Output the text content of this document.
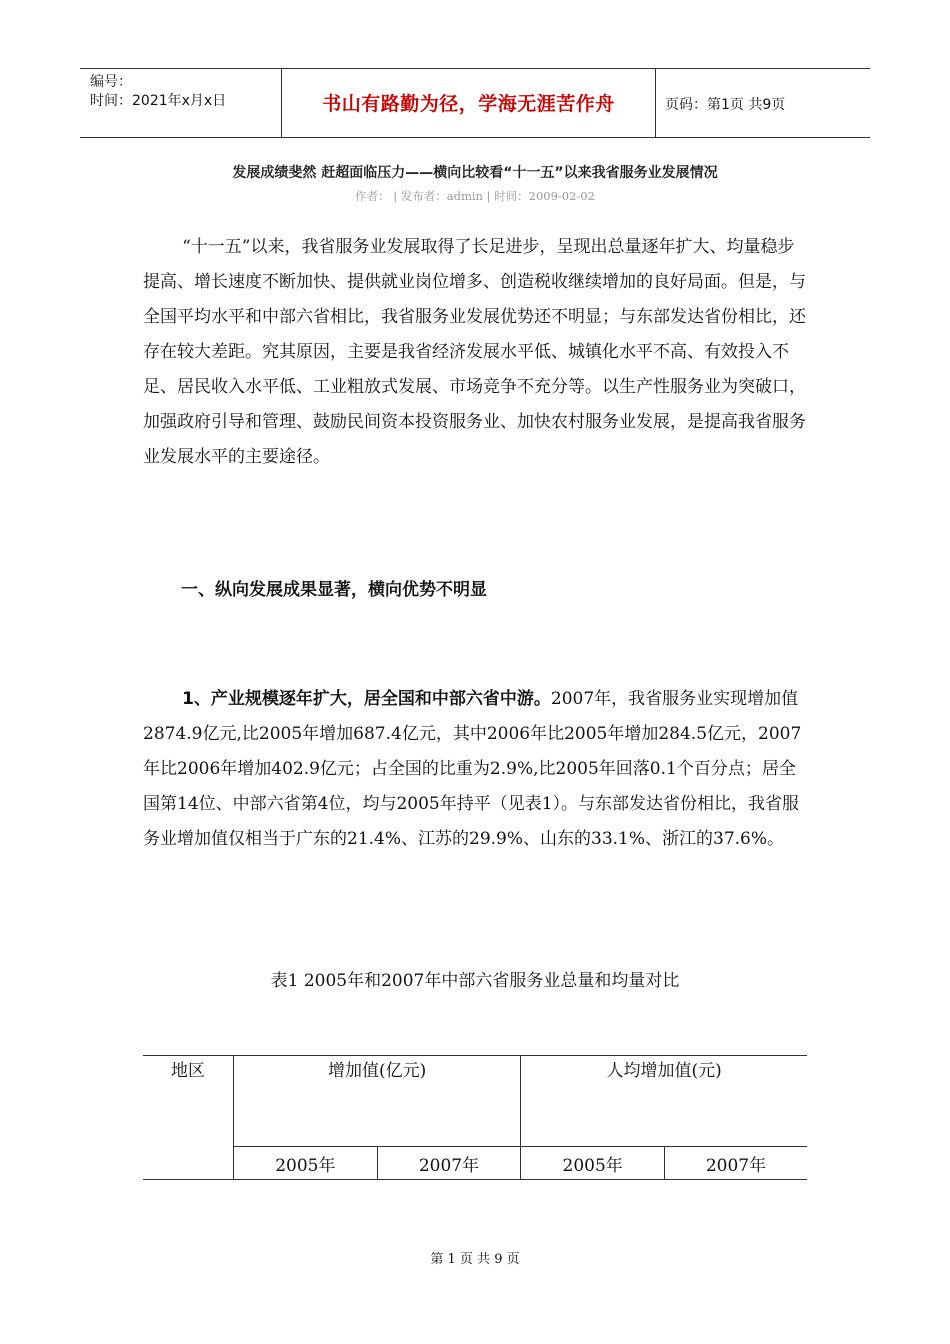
编号：
时间：2021年x月x日	书山有路勤为径，学海无涯苦作舟	页码：第1页 共9页
发展成绩斐然 赶超面临压力——横向比较看“十一五”以来我省服务业发展情况
作者： | 发布者：admin | 时间：2009-02-02

“十一五”以来，我省服务业发展取得了长足进步，呈现出总量逐年扩大、均量稳步提高、增长速度不断加快、提供就业岗位增多、创造税收继续增加的良好局面。但是，与全国平均水平和中部六省相比，我省服务业发展优势还不明显；与东部发达省份相比，还存在较大差距。究其原因，主要是我省经济发展水平低、城镇化水平不高、有效投入不足、居民收入水平低、工业粗放式发展、市场竞争不充分等。以生产性服务业为突破口，加强政府引导和管理、鼓励民间资本投资服务业、加快农村服务业发展，是提高我省服务业发展水平的主要途径。

一、纵向发展成果显著，横向优势不明显

1、产业规模逐年扩大，居全国和中部六省中游。2007年，我省服务业实现增加值2874.9亿元,比2005年增加687.4亿元，其中2006年比2005年增加284.5亿元，2007年比2006年增加402.9亿元；占全国的比重为2.9%,比2005年回落0.1个百分点；居全国第14位、中部六省第4位，均与2005年持平（见表1）。与东部发达省份相比，我省服务业增加值仅相当于广东的21.4%、江苏的29.9%、山东的33.1%、浙江的37.6%。

表1 2005年和2007年中部六省服务业总量和均量对比
地区	增加值(亿元)		人均增加值(元)	
	2005年	2007年	2005年	2007年
第 1 页 共 9 页
